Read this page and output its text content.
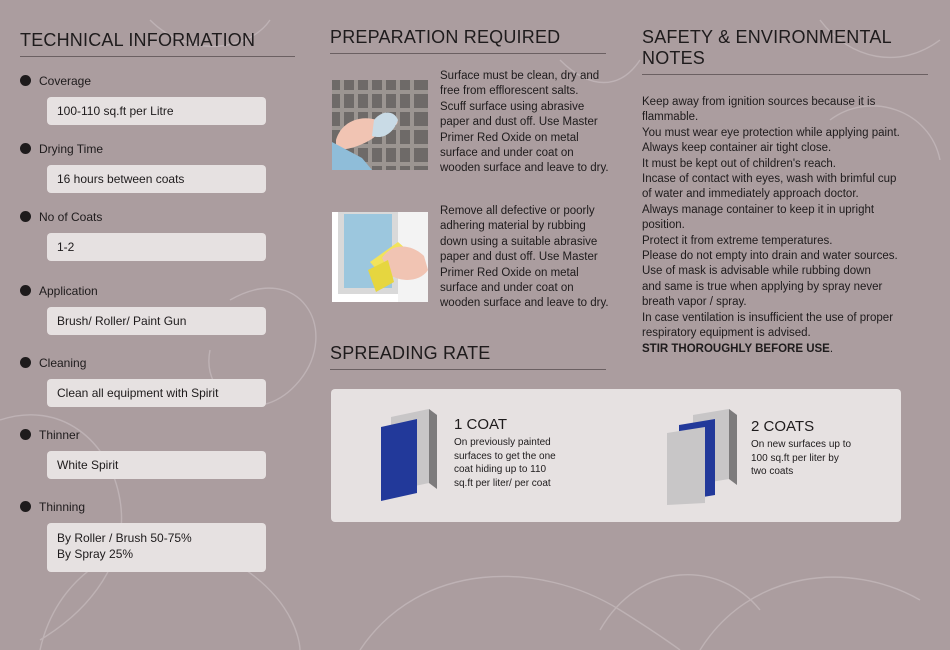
TECHNICAL INFORMATION
Coverage
100-110 sq.ft per Litre
Drying Time
16 hours between coats
No of Coats
1-2
Application
Brush/ Roller/ Paint Gun
Cleaning
Clean all equipment with Spirit
Thinner
White Spirit
Thinning
By Roller / Brush 50-75%
By Spray 25%
PREPARATION REQUIRED
Surface must be clean, dry and
free from efflorescent salts.
Scuff surface using abrasive
paper and dust off. Use Master
Primer Red Oxide on metal
surface and under coat on
wooden surface and leave to dry.
Remove all defective or poorly
adhering material by rubbing
down using a suitable abrasive
paper and dust off. Use Master
Primer Red Oxide on metal
surface and under coat on
wooden surface and leave to dry.
SAFETY & ENVIRONMENTAL NOTES

Keep away from ignition sources because it is

flammable.

You must wear eye protection while applying paint.

Always keep container air tight close.

It must be kept out of children's reach.

Incase of contact with eyes, wash with brimful cup

of water and immediately approach doctor.

Always manage container to keep it in upright

position.

Protect it from extreme temperatures.

Please do not empty into drain and water sources.

Use of mask is advisable while rubbing down

and same is true when applying by spray never

breath vapor / spray.

In case ventilation is insufficient the use of proper

respiratory equipment is advised.

STIR THOROUGHLY BEFORE USE.

SPREADING RATE

1 COAT

On previously painted
surfaces to get the one
coat hiding up to 110
sq.ft per liter/ per coat

2 COATS

On new surfaces up to
100 sq.ft per liter by
two coats
